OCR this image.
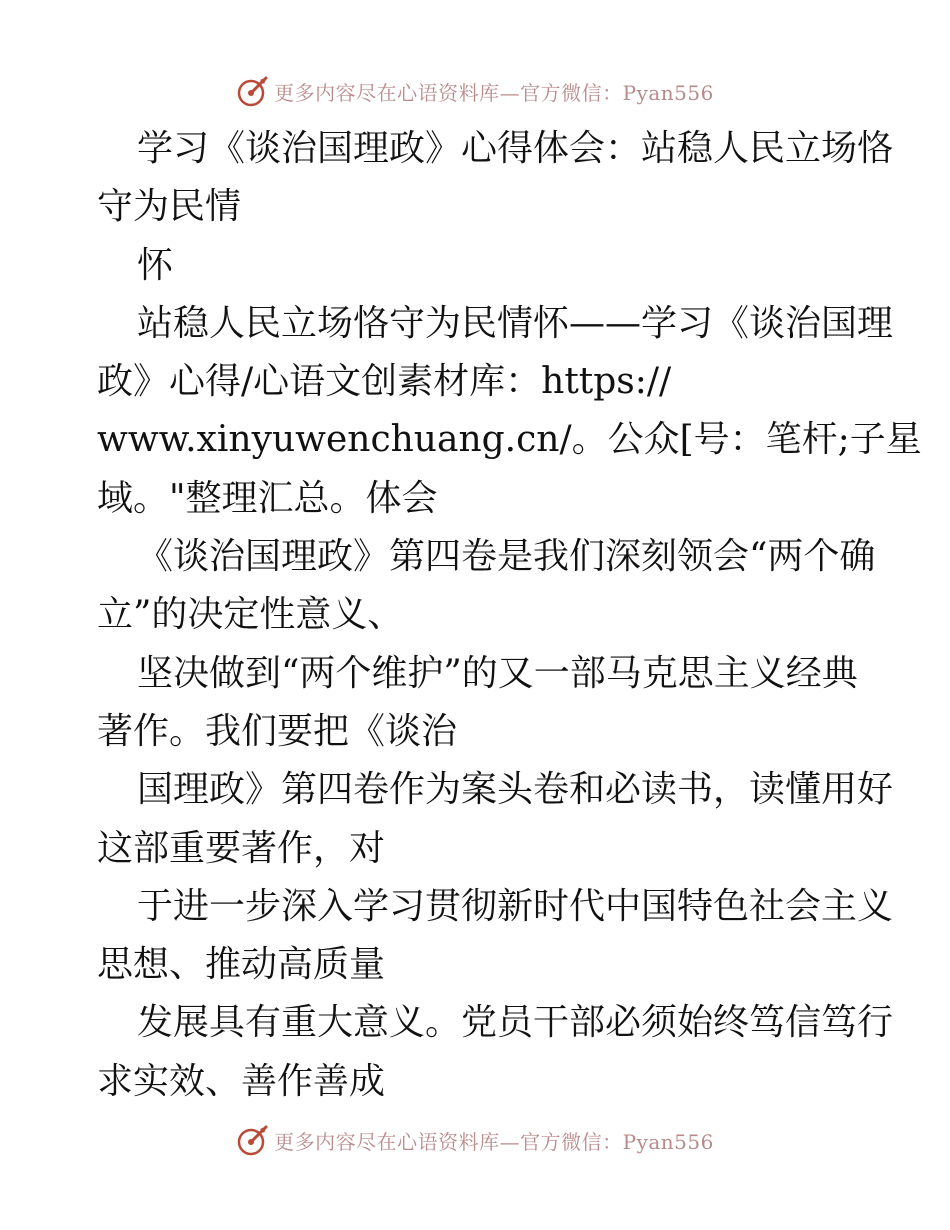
更多内容尽在心语资料库—官方微信：Pyan556
学习《谈治国理政》心得体会：站稳人民立场恪
守为民情
怀
站稳人民立场恪守为民情怀——学习《谈治国理
政》心得/心语文创素材库：https://
www.xinyuwenchuang.cn/。公众[号：笔杆;子星
域。"整理汇总。体会
《谈治国理政》第四卷是我们深刻领会“两个确
立”的决定性意义、
坚决做到“两个维护”的又一部马克思主义经典
著作。我们要把《谈治
国理政》第四卷作为案头卷和必读书，读懂用好
这部重要著作，对
于进一步深入学习贯彻新时代中国特色社会主义
思想、推动高质量
发展具有重大意义。党员干部必须始终笃信笃行
求实效、善作善成
更多内容尽在心语资料库—官方微信：Pyan556
